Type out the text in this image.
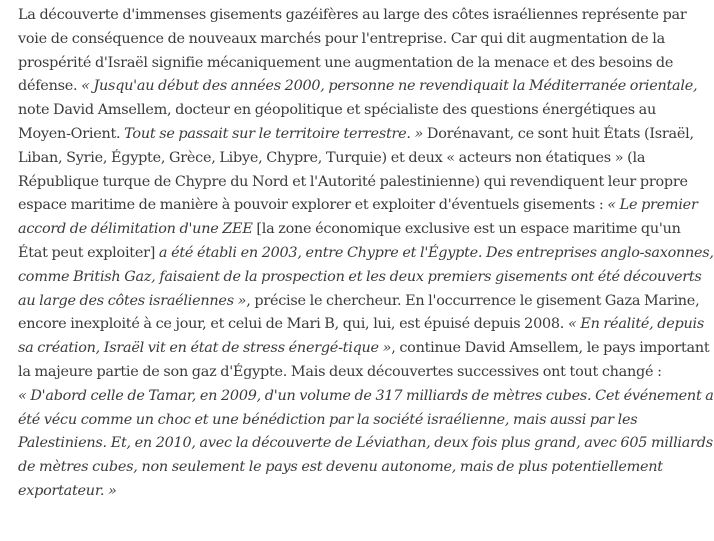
La découverte d'immenses gisements gazéifères au large des côtes israéliennes représente par
voie de conséquence de nouveaux marchés pour l'entreprise. Car qui dit augmentation de la
prospérité d'Israël signifie mécaniquement une augmentation de la menace et des besoins de
défense. « Jusqu'au début des années 2000, personne ne revendiquait la Méditerranée orientale,
note David Amsellem, docteur en géopolitique et spécialiste des questions énergétiques au
Moyen-Orient. Tout se passait sur le territoire terrestre. » Dorénavant, ce sont huit États (Israël,
Liban, Syrie, Égypte, Grèce, Libye, Chypre, Turquie) et deux « acteurs non étatiques » (la
République turque de Chypre du Nord et l'Autorité palestinienne) qui revendiquent leur propre
espace maritime de manière à pouvoir explorer et exploiter d'éventuels gisements : « Le premier
accord de délimitation d'une ZEE [la zone économique exclusive est un espace maritime qu'un
État peut exploiter] a été établi en 2003, entre Chypre et l'Égypte. Des entreprises anglo-saxonnes,
comme British Gaz, faisaient de la prospection et les deux premiers gisements ont été découverts
au large des côtes israéliennes », précise le chercheur. En l'occurrence le gisement Gaza Marine,
encore inexploité à ce jour, et celui de Mari B, qui, lui, est épuisé depuis 2008. « En réalité, depuis
sa création, Israël vit en état de stress énergé-tique », continue David Amsellem, le pays important
la majeure partie de son gaz d'Égypte. Mais deux découvertes successives ont tout changé :
« D'abord celle de Tamar, en 2009, d'un volume de 317 milliards de mètres cubes. Cet événement a
été vécu comme un choc et une bénédiction par la société israélienne, mais aussi par les
Palestiniens. Et, en 2010, avec la découverte de Léviathan, deux fois plus grand, avec 605 milliards
de mètres cubes, non seulement le pays est devenu autonome, mais de plus potentiellement
exportateur. »
